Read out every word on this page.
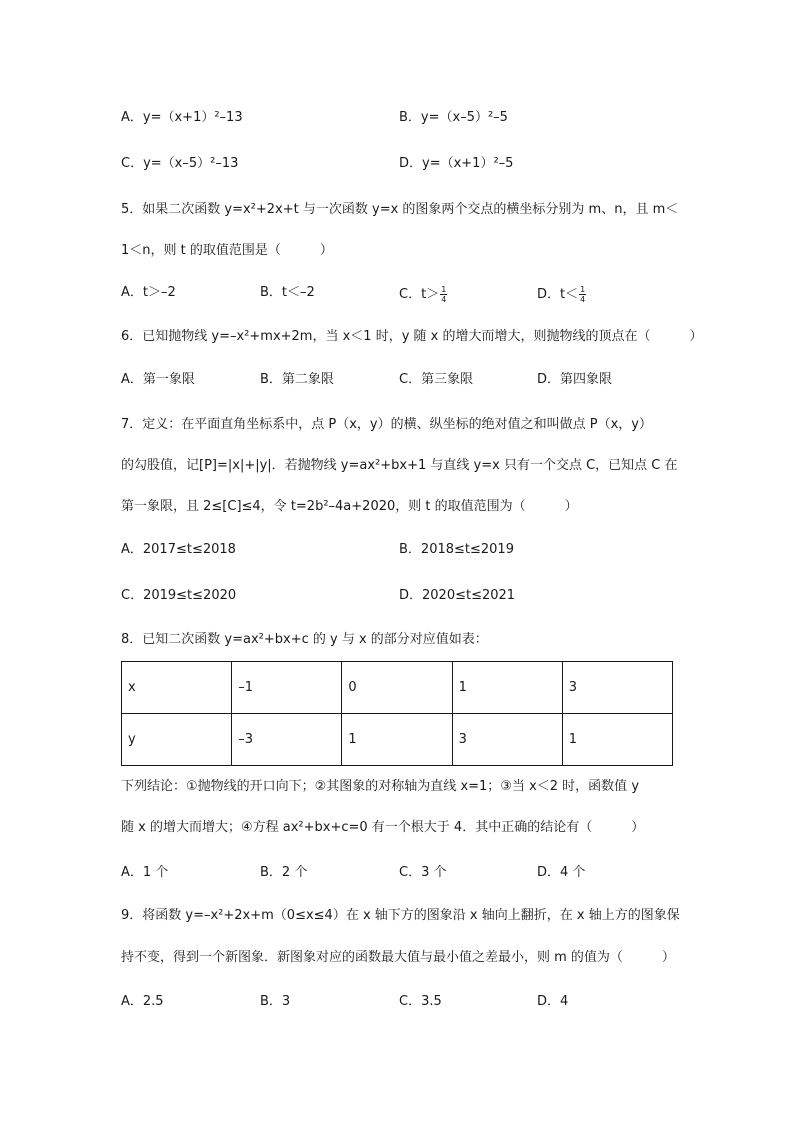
A．y=（x+1）²–13	B．y=（x–5）²–5
C．y=（x–5）²–13	D．y=（x+1）²–5
5．如果二次函数 y=x²+2x+t 与一次函数 y=x 的图象两个交点的横坐标分别为 m、n，且 m＜
1＜n，则 t 的取值范围是（　　　）
A．t＞–2	B．t＜–2	C．$t> \frac{1}{4}$	D．$t< \frac{1}{4}$
6．已知抛物线 y=–x²+mx+2m，当 x＜1 时，y 随 x 的增大而增大，则抛物线的顶点在（　　　）
A．第一象限	B．第二象限	C．第三象限	D．第四象限
7．定义：在平面直角坐标系中，点 P（x，y）的横、纵坐标的绝对值之和叫做点 P（x，y）
的勾股值，记[P]=|x|+|y|．若抛物线 y=ax²+bx+1 与直线 y=x 只有一个交点 C，已知点 C 在
第一象限，且 2≤[C]≤4，令 t=2b²–4a+2020，则 t 的取值范围为（　　　）
A．2017≤t≤2018	B．2018≤t≤2019
C．2019≤t≤2020	D．2020≤t≤2021
8．已知二次函数 y=ax²+bx+c 的 y 与 x 的部分对应值如表：
x	–1	0	1	3
y	–3	1	3	1
下列结论：①抛物线的开口向下；②其图象的对称轴为直线 x=1；③当 x＜2 时，函数值 y
随 x 的增大而增大；④方程 ax²+bx+c=0 有一个根大于 4．其中正确的结论有（　　　）
A．1 个	B．2 个	C．3 个	D．4 个
9．将函数 y=–x²+2x+m（0≤x≤4）在 x 轴下方的图象沿 x 轴向上翻折，在 x 轴上方的图象保
持不变，得到一个新图象．新图象对应的函数最大值与最小值之差最小，则 m 的值为（　　　）
A．2.5	B．3	C．3.5	D．4
